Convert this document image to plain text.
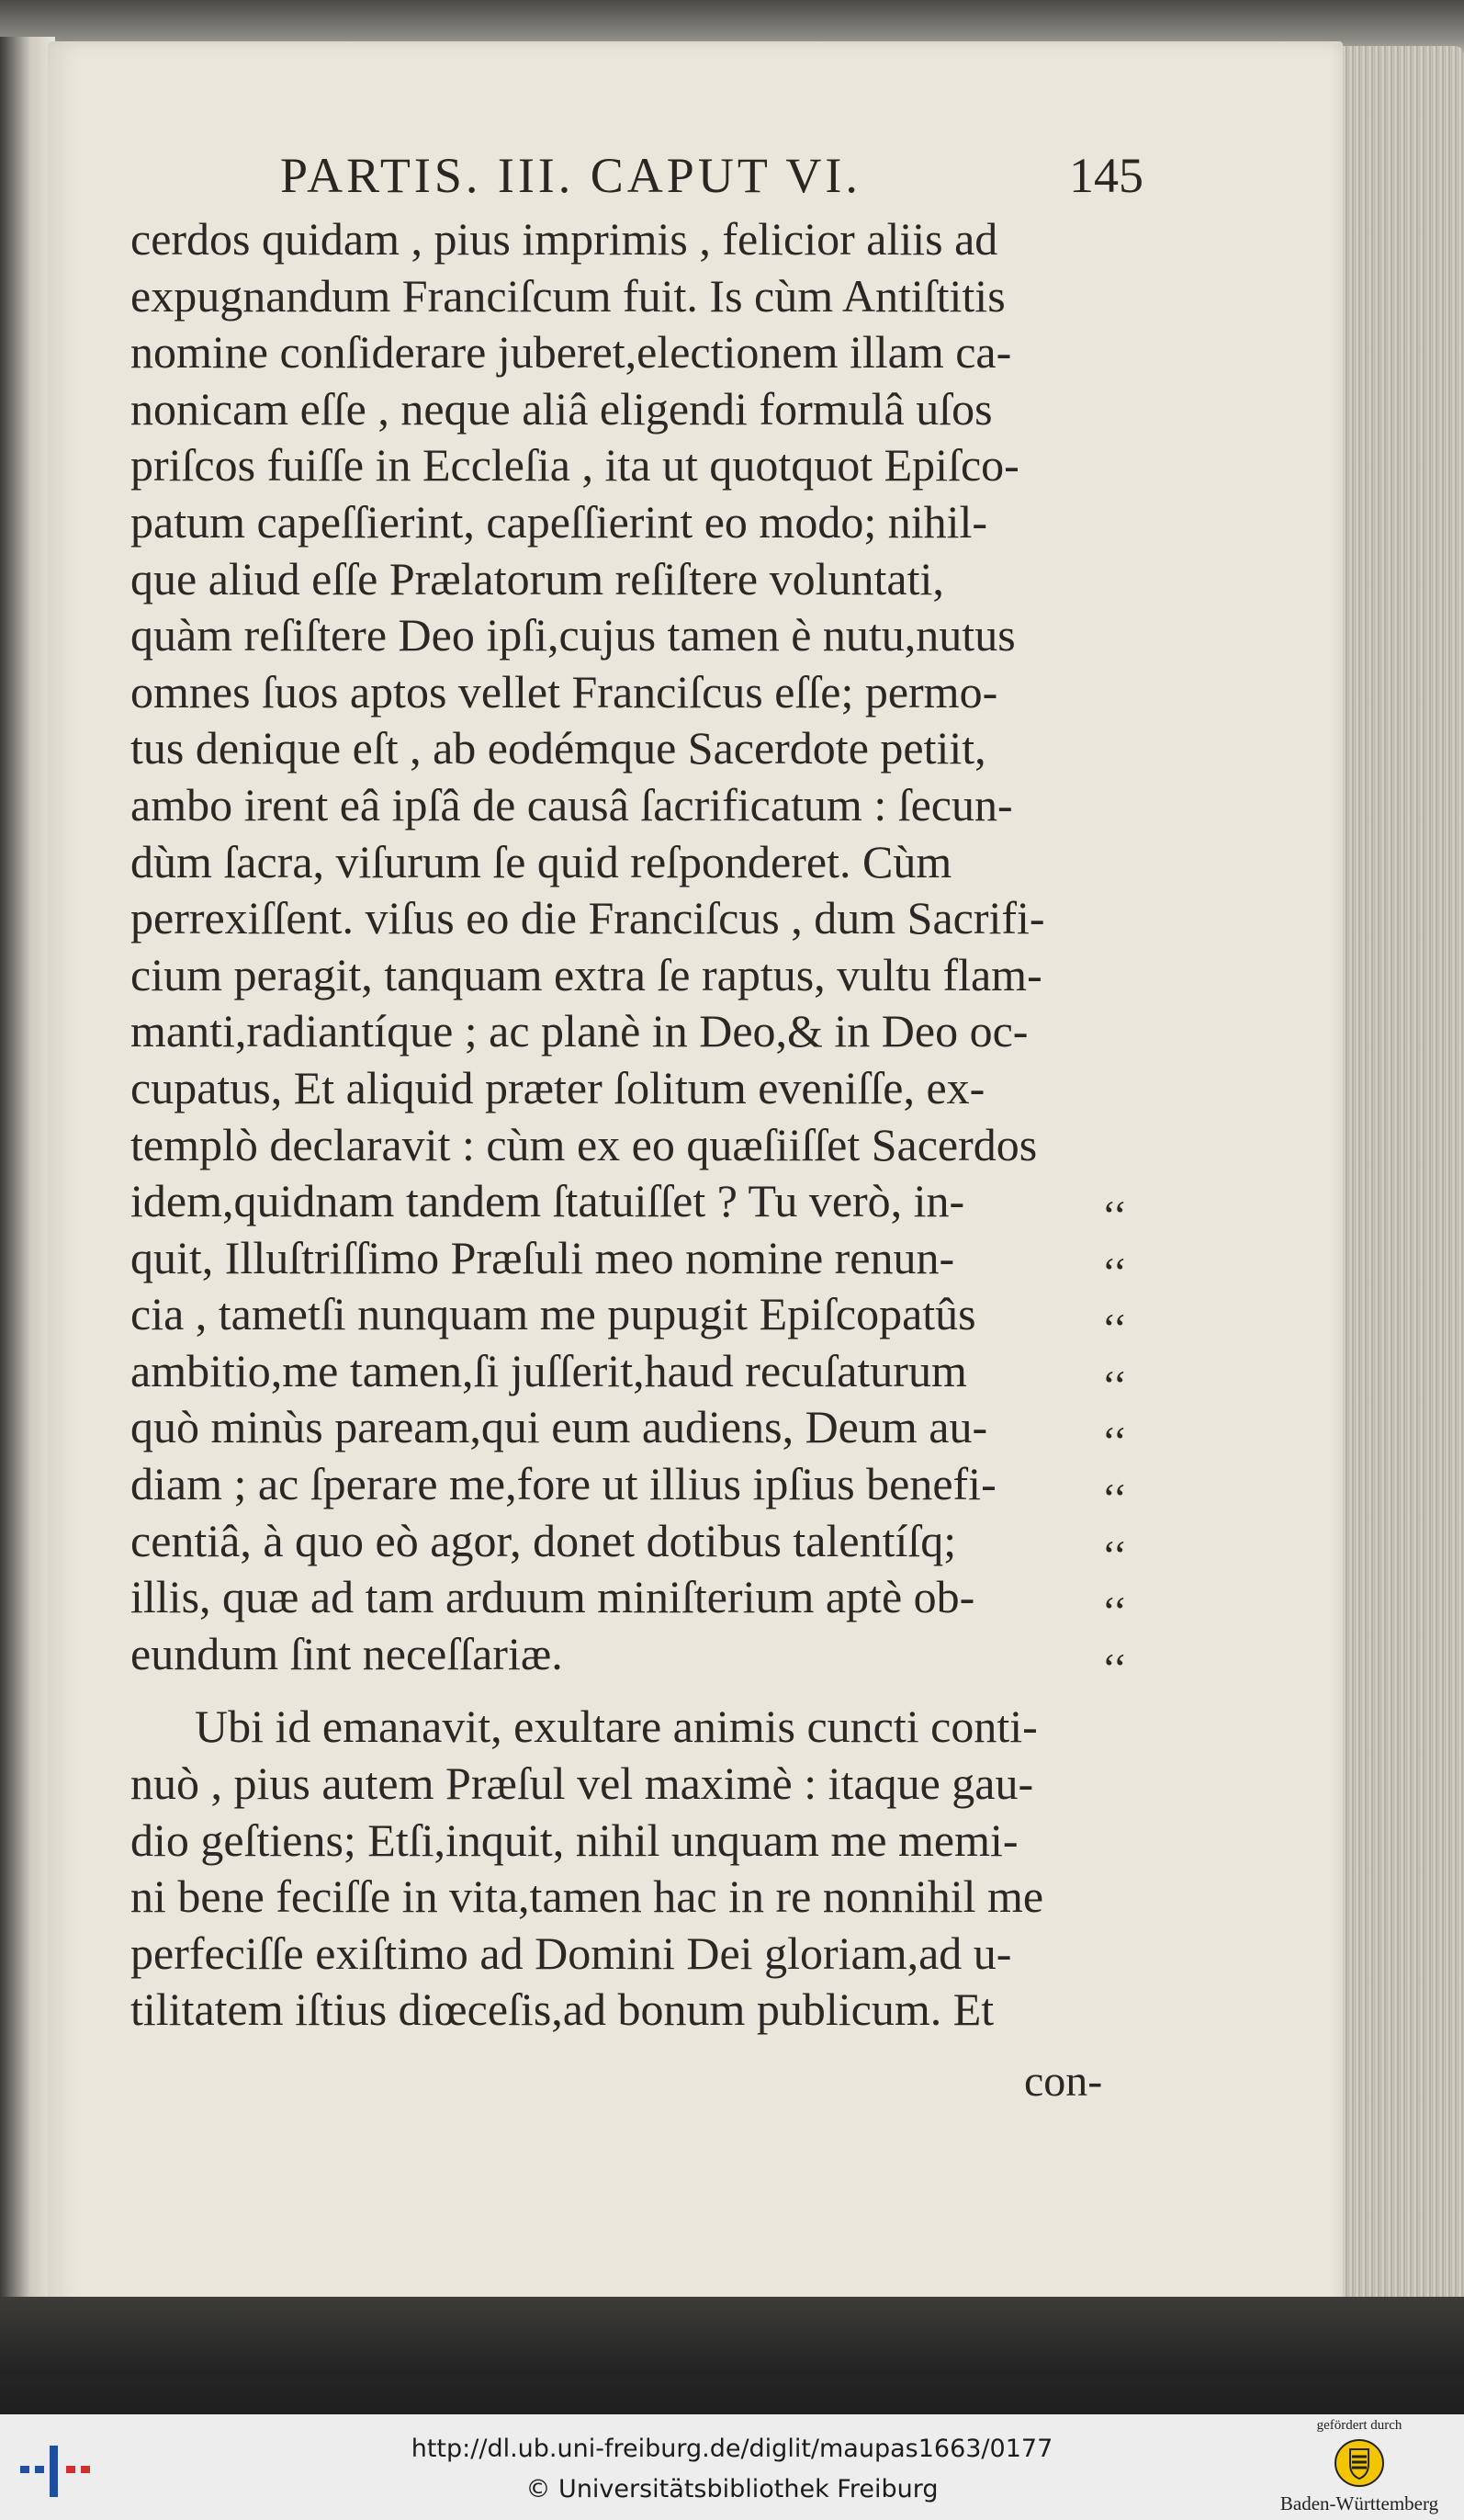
PARTIS. III. CAPUT VI.	145
cerdos quidam , pius imprimis , felicior aliis ad
expugnandum Franciſcum fuit. Is cùm Antiſtitis
nomine conſiderare juberet,electionem illam ca-
nonicam eſſe , neque aliâ eligendi formulâ uſos
priſcos fuiſſe in Eccleſia , ita ut quotquot Epiſco-
patum capeſſierint, capeſſierint eo modo; nihil-
que aliud eſſe Prælatorum reſiſtere voluntati,
quàm reſiſtere Deo ipſi,cujus tamen è nutu,nutus
omnes ſuos aptos vellet Franciſcus eſſe; permo-
tus denique eſt , ab eodémque Sacerdote petiit,
ambo irent eâ ipſâ de causâ ſacrificatum : ſecun-
dùm ſacra, viſurum ſe quid reſponderet. Cùm
perrexiſſent. viſus eo die Franciſcus , dum Sacrifi-
cium peragit, tanquam extra ſe raptus, vultu flam-
manti,radiantíque ; ac planè in Deo,& in Deo oc-
cupatus, Et aliquid præter ſolitum eveniſſe, ex-
templò declaravit : cùm ex eo quæſiiſſet Sacerdos
idem,quidnam tandem ſtatuiſſet ? Tu verò, in-
quit, Illuſtriſſimo Præſuli meo nomine renun-
cia , tametſi nunquam me pupugit Epiſcopatûs
ambitio,me tamen,ſi juſſerit,haud recuſaturum
quò minùs paream,qui eum audiens, Deum au-
diam ; ac ſperare me,fore ut illius ipſius benefi-
centiâ, à quo eò agor, donet dotibus talentíſq;
illis, quæ ad tam arduum miniſterium aptè ob-
eundum ſint neceſſariæ.
Ubi id emanavit, exultare animis cuncti conti-
nuò , pius autem Præſul vel maximè : itaque gau-
dio geſtiens; Etſi,inquit, nihil unquam me memi-
ni bene feciſſe in vita,tamen hac in re nonnihil me
perfeciſſe exiſtimo ad Domini Dei gloriam,ad u-
tilitatem iſtius diœceſis,ad bonum publicum. Et
‘‘
‘‘
‘‘
‘‘
‘‘
‘‘
‘‘
‘‘
‘‘
con-
http://dl.ub.uni-freiburg.de/diglit/maupas1663/0177
© Universitätsbibliothek Freiburg
gefördert durch
Baden-Württemberg
